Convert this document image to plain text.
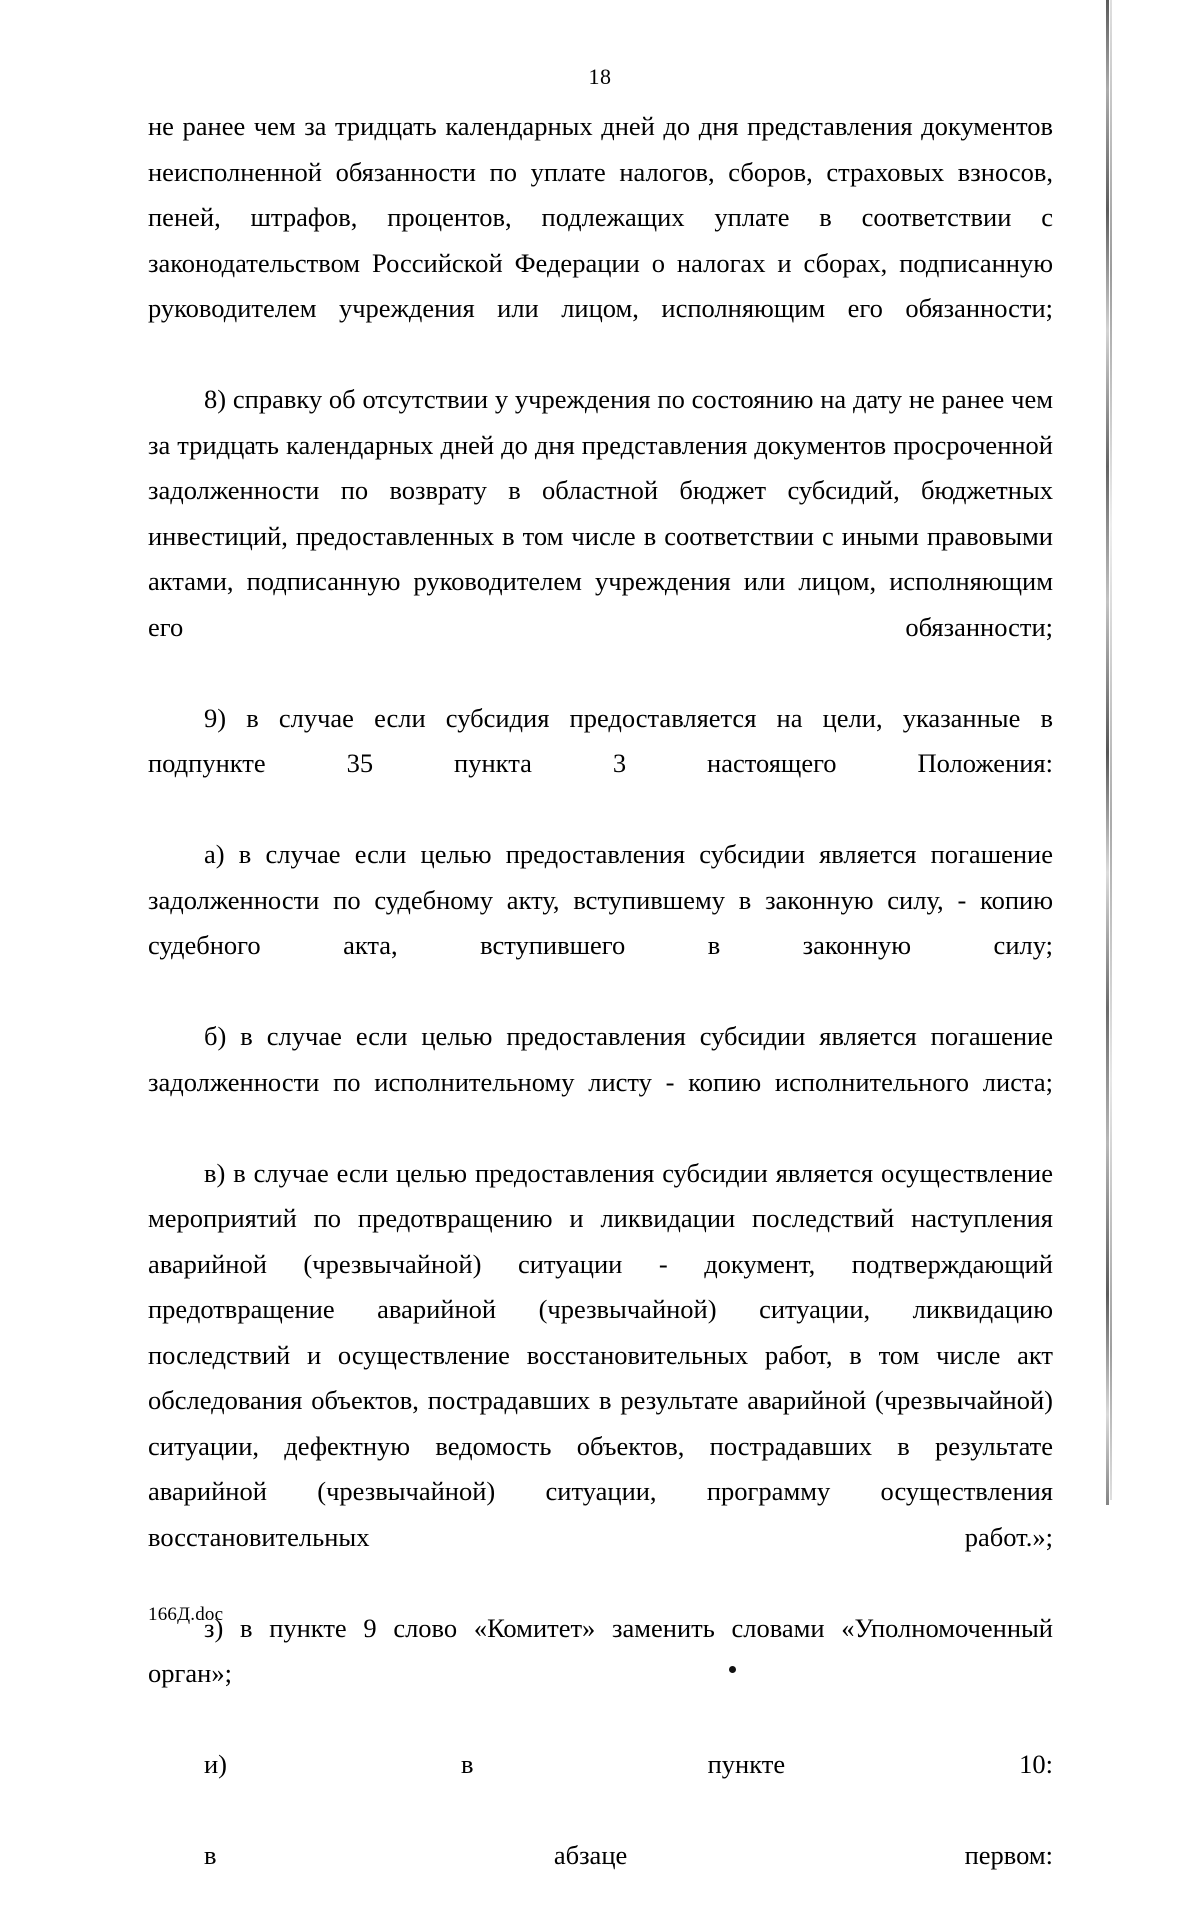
18

не ранее чем за тридцать календарных дней до дня представления документов неисполненной обязанности по уплате налогов, сборов, страховых взносов, пеней, штрафов, процентов, подлежащих уплате в соответствии с законодательством Российской Федерации о налогах и сборах, подписанную руководителем учреждения или лицом, исполняющим его обязанности;

8) справку об отсутствии у учреждения по состоянию на дату не ранее чем за тридцать календарных дней до дня представления документов просроченной задолженности по возврату в областной бюджет субсидий, бюджетных инвестиций, предоставленных в том числе в соответствии с иными правовыми актами, подписанную руководителем учреждения или лицом, исполняющим его обязанности;

9) в случае если субсидия предоставляется на цели, указанные в подпункте 35 пункта 3 настоящего Положения:

а) в случае если целью предоставления субсидии является погашение задолженности по судебному акту, вступившему в законную силу, - копию судебного акта, вступившего в законную силу;

б) в случае если целью предоставления субсидии является погашение задолженности по исполнительному листу - копию исполнительного листа;

в) в случае если целью предоставления субсидии является осуществление мероприятий по предотвращению и ликвидации последствий наступления аварийной (чрезвычайной) ситуации - документ, подтверждающий предотвращение аварийной (чрезвычайной) ситуации, ликвидацию последствий и осуществление восстановительных работ, в том числе акт обследования объектов, пострадавших в результате аварийной (чрезвычайной) ситуации, дефектную ведомость объектов, пострадавших в результате аварийной (чрезвычайной) ситуации, программу осуществления восстановительных работ.»;

з) в пункте 9 слово «Комитет» заменить словами «Уполномоченный орган»;

и) в пункте 10:

в абзаце первом:

166Д.doc
